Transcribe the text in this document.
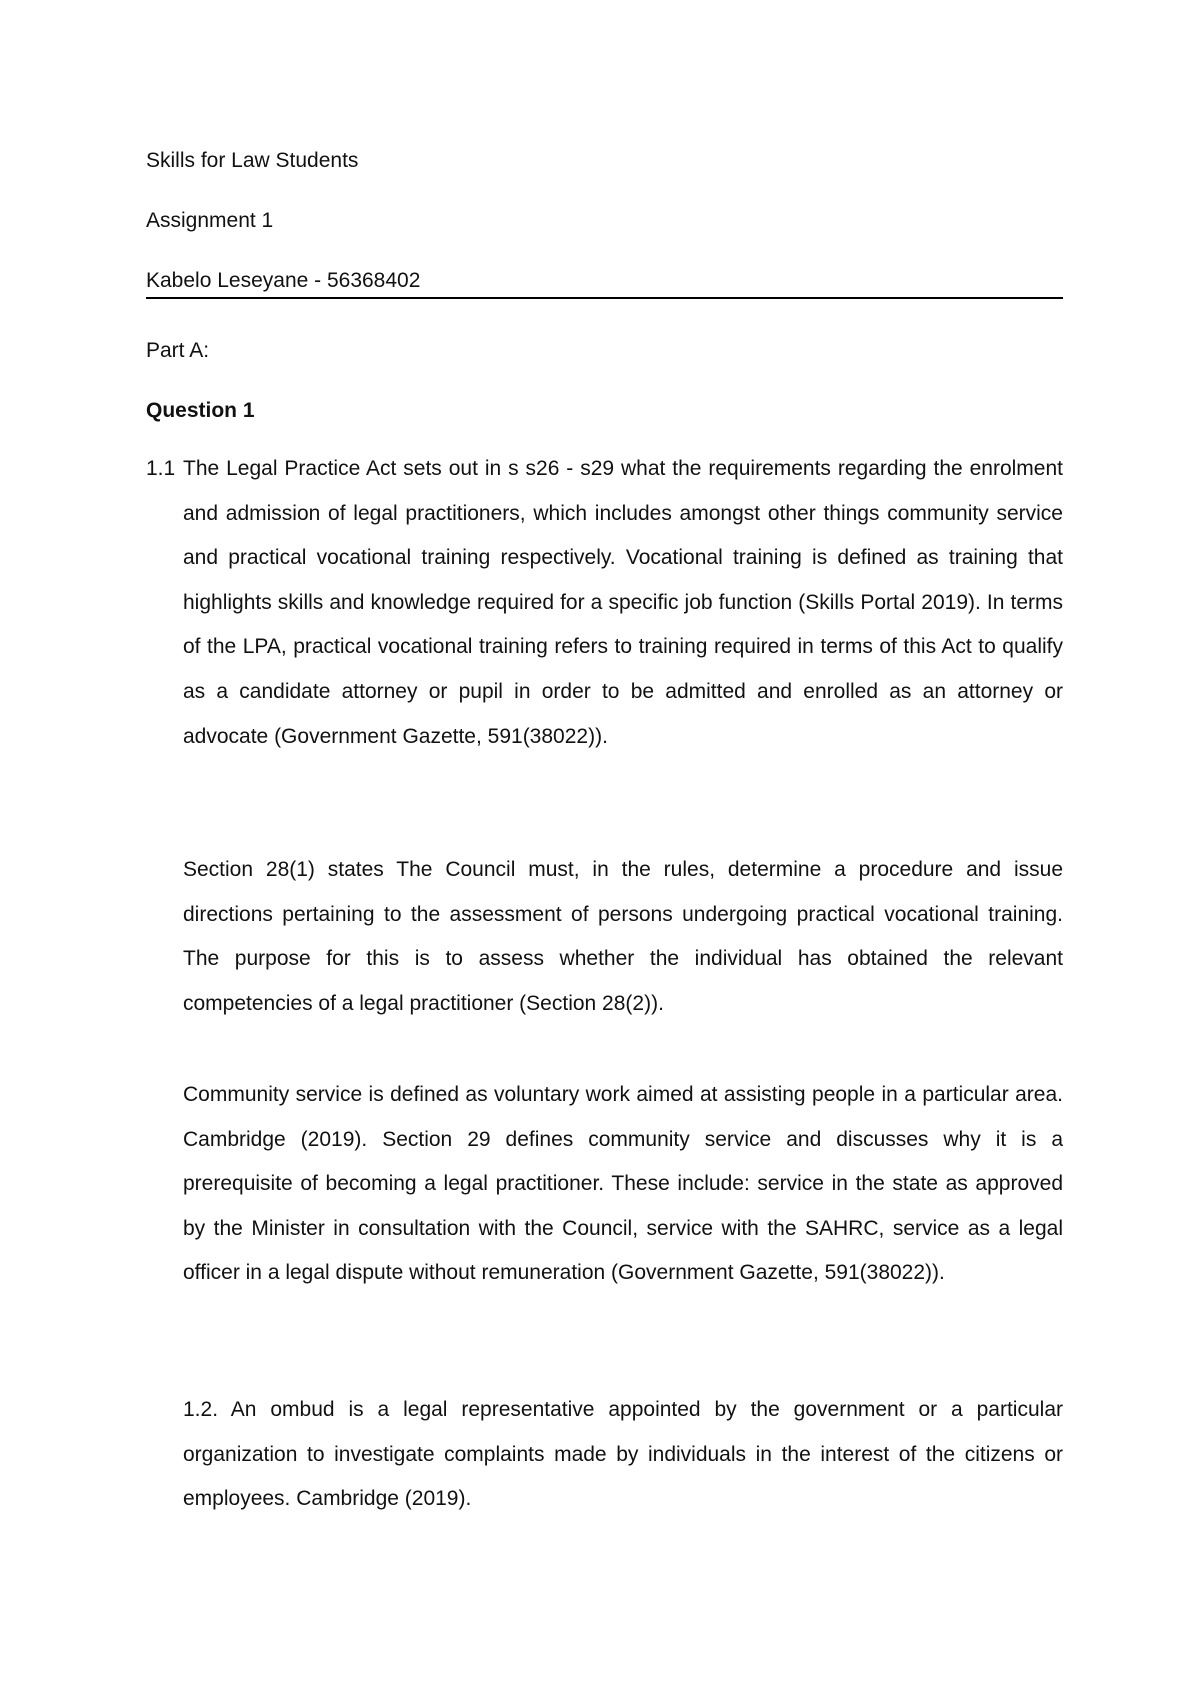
Skills for Law Students
Assignment 1
Kabelo Leseyane - 56368402
Part A:
Question 1
1.1 The Legal Practice Act sets out in s s26 - s29 what the requirements regarding the enrolment and admission of legal practitioners, which includes amongst other things community service and practical vocational training respectively. Vocational training is defined as training that highlights skills and knowledge required for a specific job function (Skills Portal 2019). In terms of the LPA, practical vocational training refers to training required in terms of this Act to qualify as a candidate attorney or pupil in order to be admitted and enrolled as an attorney or advocate (Government Gazette, 591(38022)).

Section 28(1) states The Council must, in the rules, determine a procedure and issue directions pertaining to the assessment of persons undergoing practical vocational training. The purpose for this is to assess whether the individual has obtained the relevant competencies of a legal practitioner (Section 28(2)).

Community service is defined as voluntary work aimed at assisting people in a particular area. Cambridge (2019). Section 29 defines community service and discusses why it is a prerequisite of becoming a legal practitioner. These include: service in the state as approved by the Minister in consultation with the Council, service with the SAHRC, service as a legal officer in a legal dispute without remuneration (Government Gazette, 591(38022)).

1.2. An ombud is a legal representative appointed by the government or a particular organization to investigate complaints made by individuals in the interest of the citizens or employees. Cambridge (2019).
